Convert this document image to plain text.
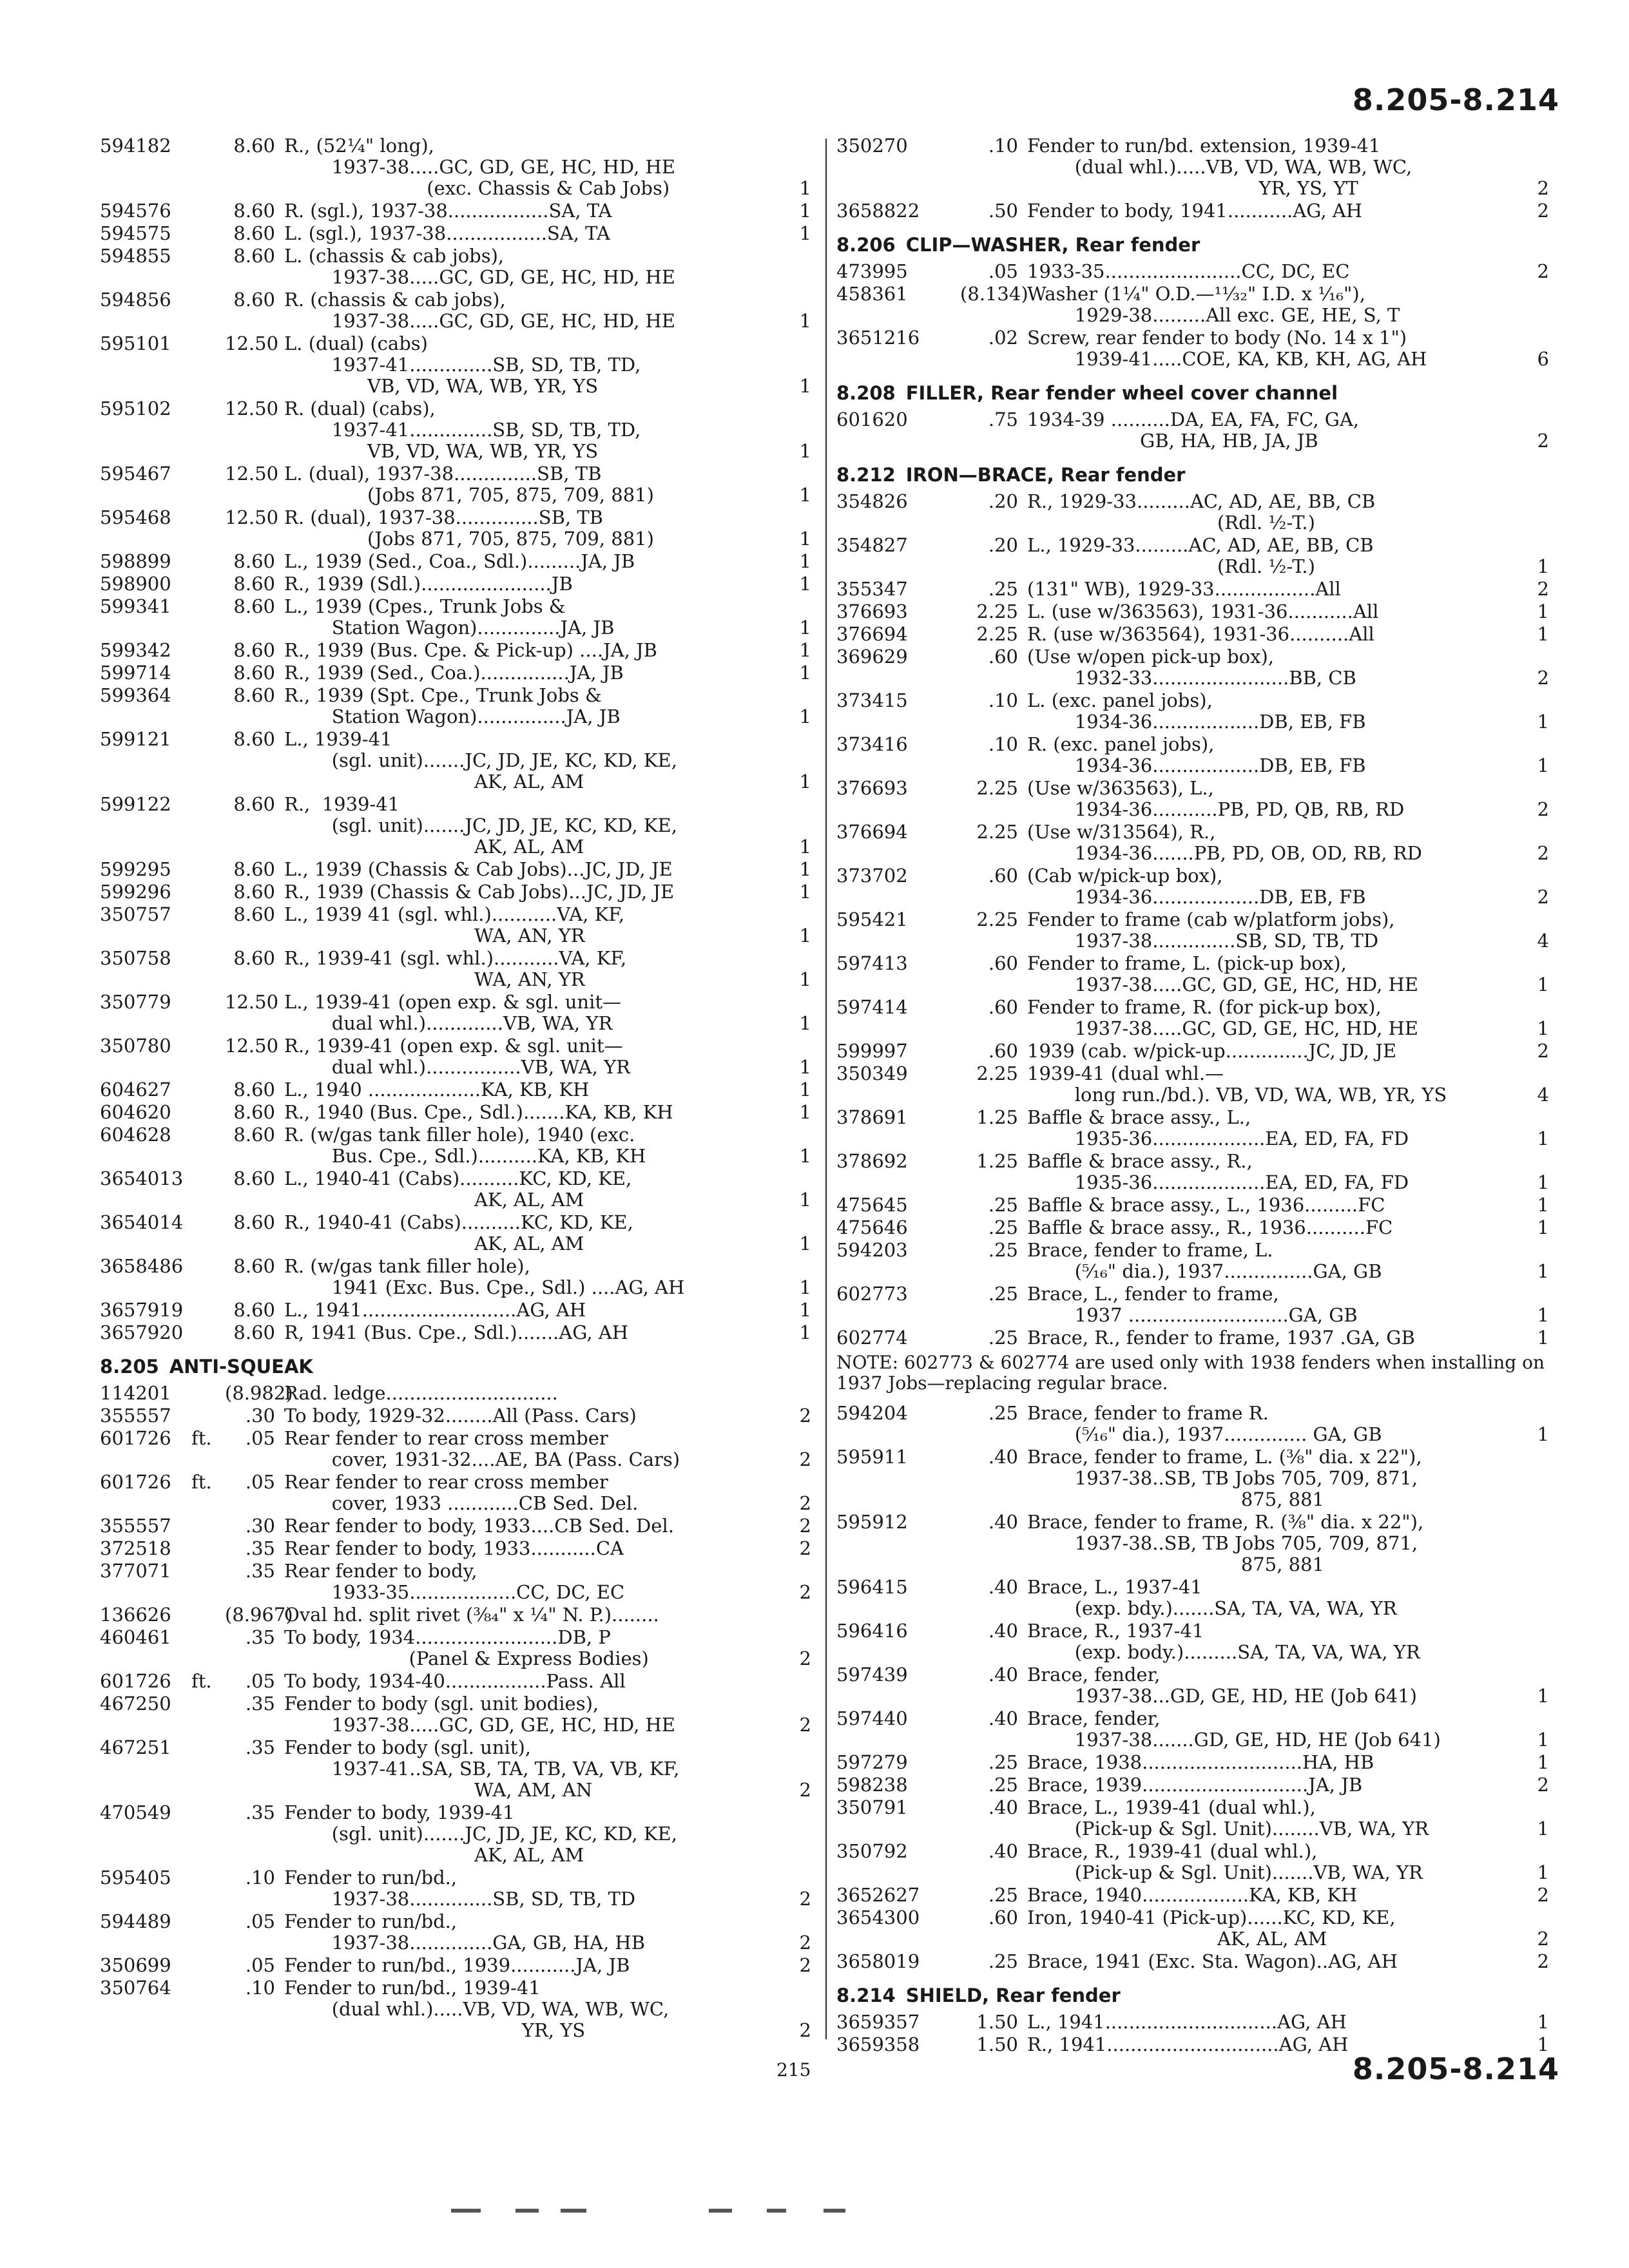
8.205-8.214
594182	8.60 R., (52¼" long),
1937-38.....GC, GD, GE, HC, HD, HE
(exc. Chassis & Cab Jobs)	1
594576	8.60 R. (sgl.), 1937-38.................SA, TA	1
594575	8.60 L. (sgl.), 1937-38.................SA, TA	1
594855	8.60 L. (chassis & cab jobs),
1937-38.....GC, GD, GE, HC, HD, HE
594856	8.60 R. (chassis & cab jobs),
1937-38.....GC, GD, GE, HC, HD, HE	1
595101	12.50 L. (dual) (cabs)
1937-41..............SB, SD, TB, TD,
VB, VD, WA, WB, YR, YS	1
595102	12.50 R. (dual) (cabs),
1937-41..............SB, SD, TB, TD,
VB, VD, WA, WB, YR, YS	1
595467	12.50 L. (dual), 1937-38..............SB, TB
(Jobs 871, 705, 875, 709, 881)	1
595468	12.50 R. (dual), 1937-38..............SB, TB
(Jobs 871, 705, 875, 709, 881)	1
598899	8.60 L., 1939 (Sed., Coa., Sdl.).........JA, JB	1
598900	8.60 R., 1939 (Sdl.)......................JB	1
599341	8.60 L., 1939 (Cpes., Trunk Jobs &
Station Wagon)..............JA, JB	1
599342	8.60 R., 1939 (Bus. Cpe. & Pick-up) ....JA, JB	1
599714	8.60 R., 1939 (Sed., Coa.)...............JA, JB	1
599364	8.60 R., 1939 (Spt. Cpe., Trunk Jobs &
Station Wagon)...............JA, JB	1
599121	8.60 L., 1939-41
(sgl. unit).......JC, JD, JE, KC, KD, KE,
AK, AL, AM	1
599122	8.60 R.,  1939-41
(sgl. unit).......JC, JD, JE, KC, KD, KE,
AK, AL, AM	1
599295	8.60 L., 1939 (Chassis & Cab Jobs)...JC, JD, JE	1
599296	8.60 R., 1939 (Chassis & Cab Jobs)...JC, JD, JE	1
350757	8.60 L., 1939 41 (sgl. whl.)...........VA, KF,
WA, AN, YR	1
350758	8.60 R., 1939-41 (sgl. whl.)...........VA, KF,
WA, AN, YR	1
350779	12.50 L., 1939-41 (open exp. & sgl. unit—
dual whl.).............VB, WA, YR	1
350780	12.50 R., 1939-41 (open exp. & sgl. unit—
dual whl.)................VB, WA, YR	1
604627	8.60 L., 1940 ...................KA, KB, KH	1
604620	8.60 R., 1940 (Bus. Cpe., Sdl.).......KA, KB, KH	1
604628	8.60 R. (w/gas tank filler hole), 1940 (exc.
Bus. Cpe., Sdl.)..........KA, KB, KH	1
3654013	8.60 L., 1940-41 (Cabs)..........KC, KD, KE,
AK, AL, AM	1
3654014	8.60 R., 1940-41 (Cabs)..........KC, KD, KE,
AK, AL, AM	1
3658486	8.60 R. (w/gas tank filler hole),
1941 (Exc. Bus. Cpe., Sdl.) ....AG, AH	1
3657919	8.60 L., 1941..........................AG, AH	1
3657920	8.60 R, 1941 (Bus. Cpe., Sdl.).......AG, AH	1
8.205 ANTI-SQUEAK
114201	(8.982)
Rad. ledge.............................
355557	.30 To body, 1929-32........All (Pass. Cars)	2
601726	ft.	.05 Rear fender to rear cross member
cover, 1931-32....AE, BA (Pass. Cars)	2
601726	ft.	.05 Rear fender to rear cross member
cover, 1933 ............CB Sed. Del.	2
355557	.30 Rear fender to body, 1933....CB Sed. Del.	2
372518	.35 Rear fender to body, 1933...........CA	2
377071	.35 Rear fender to body,
1933-35..................CC, DC, EC	2
136626	(8.967)
Oval hd. split rivet (⅜₄" x ¼" N. P.)........
460461	.35 To body, 1934........................DB, P
(Panel & Express Bodies)	2
601726	ft.	.05 To body, 1934-40.................Pass. All
467250	.35 Fender to body (sgl. unit bodies),
1937-38.....GC, GD, GE, HC, HD, HE	2
467251	.35 Fender to body (sgl. unit),
1937-41..SA, SB, TA, TB, VA, VB, KF,
WA, AM, AN	2
470549	.35 Fender to body, 1939-41
(sgl. unit).......JC, JD, JE, KC, KD, KE,
AK, AL, AM
595405	.10 Fender to run/bd.,
1937-38..............SB, SD, TB, TD	2
594489	.05 Fender to run/bd.,
1937-38..............GA, GB, HA, HB	2
350699	.05 Fender to run/bd., 1939...........JA, JB	2
350764	.10 Fender to run/bd., 1939-41
(dual whl.).....VB, VD, WA, WB, WC,
YR, YS	2
350270	.10 Fender to run/bd. extension, 1939-41
(dual whl.).....VB, VD, WA, WB, WC,
YR, YS, YT	2
3658822	.50 Fender to body, 1941...........AG, AH	2
8.206 CLIP—WASHER, Rear fender
473995	.05 1933-35.......................CC, DC, EC	2
458361	(8.134)
Washer (1¼" O.D.—¹¹⁄₃₂" I.D. x ¹⁄₁₆"),
1929-38.........All exc. GE, HE, S, T
3651216	.02 Screw, rear fender to body (No. 14 x 1")
1939-41.....COE, KA, KB, KH, AG, AH	6
8.208 FILLER, Rear fender wheel cover channel
601620	.75 1934-39 ..........DA, EA, FA, FC, GA,
GB, HA, HB, JA, JB	2
8.212 IRON—BRACE, Rear fender
354826	.20 R., 1929-33.........AC, AD, AE, BB, CB
(Rdl. ½-T.)
354827	.20 L., 1929-33.........AC, AD, AE, BB, CB
(Rdl. ½-T.)	1
355347	.25 (131" WB), 1929-33.................All	2
376693	2.25 L. (use w/363563), 1931-36...........All	1
376694	2.25 R. (use w/363564), 1931-36..........All	1
369629	.60 (Use w/open pick-up box),
1932-33.......................BB, CB	2
373415	.10 L. (exc. panel jobs),
1934-36..................DB, EB, FB	1
373416	.10 R. (exc. panel jobs),
1934-36..................DB, EB, FB	1
376693	2.25 (Use w/363563), L.,
1934-36...........PB, PD, QB, RB, RD	2
376694	2.25 (Use w/313564), R.,
1934-36.......PB, PD, OB, OD, RB, RD	2
373702	.60 (Cab w/pick-up box),
1934-36..................DB, EB, FB	2
595421	2.25 Fender to frame (cab w/platform jobs),
1937-38..............SB, SD, TB, TD	4
597413	.60 Fender to frame, L. (pick-up box),
1937-38.....GC, GD, GE, HC, HD, HE	1
597414	.60 Fender to frame, R. (for pick-up box),
1937-38.....GC, GD, GE, HC, HD, HE	1
599997	.60 1939 (cab. w/pick-up..............JC, JD, JE	2
350349	2.25 1939-41 (dual whl.—
long run./bd.). VB, VD, WA, WB, YR, YS	4
378691	1.25 Baffle & brace assy., L.,
1935-36...................EA, ED, FA, FD	1
378692	1.25 Baffle & brace assy., R.,
1935-36...................EA, ED, FA, FD	1
475645	.25 Baffle & brace assy., L., 1936.........FC	1
475646	.25 Baffle & brace assy., R., 1936..........FC	1
594203	.25 Brace, fender to frame, L.
(⁵⁄₁₆" dia.), 1937...............GA, GB	1
602773	.25 Brace, L., fender to frame,
1937 ...........................GA, GB	1
602774	.25 Brace, R., fender to frame, 1937 .GA, GB	1
NOTE: 602773 & 602774 are used only with 1938 fenders when installing on 1937 Jobs—replacing regular brace.
594204	.25 Brace, fender to frame R.
(⁵⁄₁₆" dia.), 1937.............. GA, GB	1
595911	.40 Brace, fender to frame, L. (⅜" dia. x 22"),
1937-38..SB, TB Jobs 705, 709, 871,
875, 881
595912	.40 Brace, fender to frame, R. (⅜" dia. x 22"),
1937-38..SB, TB Jobs 705, 709, 871,
875, 881
596415	.40 Brace, L., 1937-41
(exp. bdy.).......SA, TA, VA, WA, YR
596416	.40 Brace, R., 1937-41
(exp. body.).........SA, TA, VA, WA, YR
597439	.40 Brace, fender,
1937-38...GD, GE, HD, HE (Job 641)	1
597440	.40 Brace, fender,
1937-38.......GD, GE, HD, HE (Job 641)	1
597279	.25 Brace, 1938...........................HA, HB	1
598238	.25 Brace, 1939............................JA, JB	2
350791	.40 Brace, L., 1939-41 (dual whl.),
(Pick-up & Sgl. Unit)........VB, WA, YR	1
350792	.40 Brace, R., 1939-41 (dual whl.),
(Pick-up & Sgl. Unit).......VB, WA, YR	1
3652627	.25 Brace, 1940..................KA, KB, KH	2
3654300	.60 Iron, 1940-41 (Pick-up)......KC, KD, KE,
AK, AL, AM	2
3658019	.25 Brace, 1941 (Exc. Sta. Wagon)..AG, AH	2
8.214 SHIELD, Rear fender
3659357	1.50 L., 1941.............................AG, AH	1
3659358	1.50 R., 1941.............................AG, AH	1
215	8.205-8.214
